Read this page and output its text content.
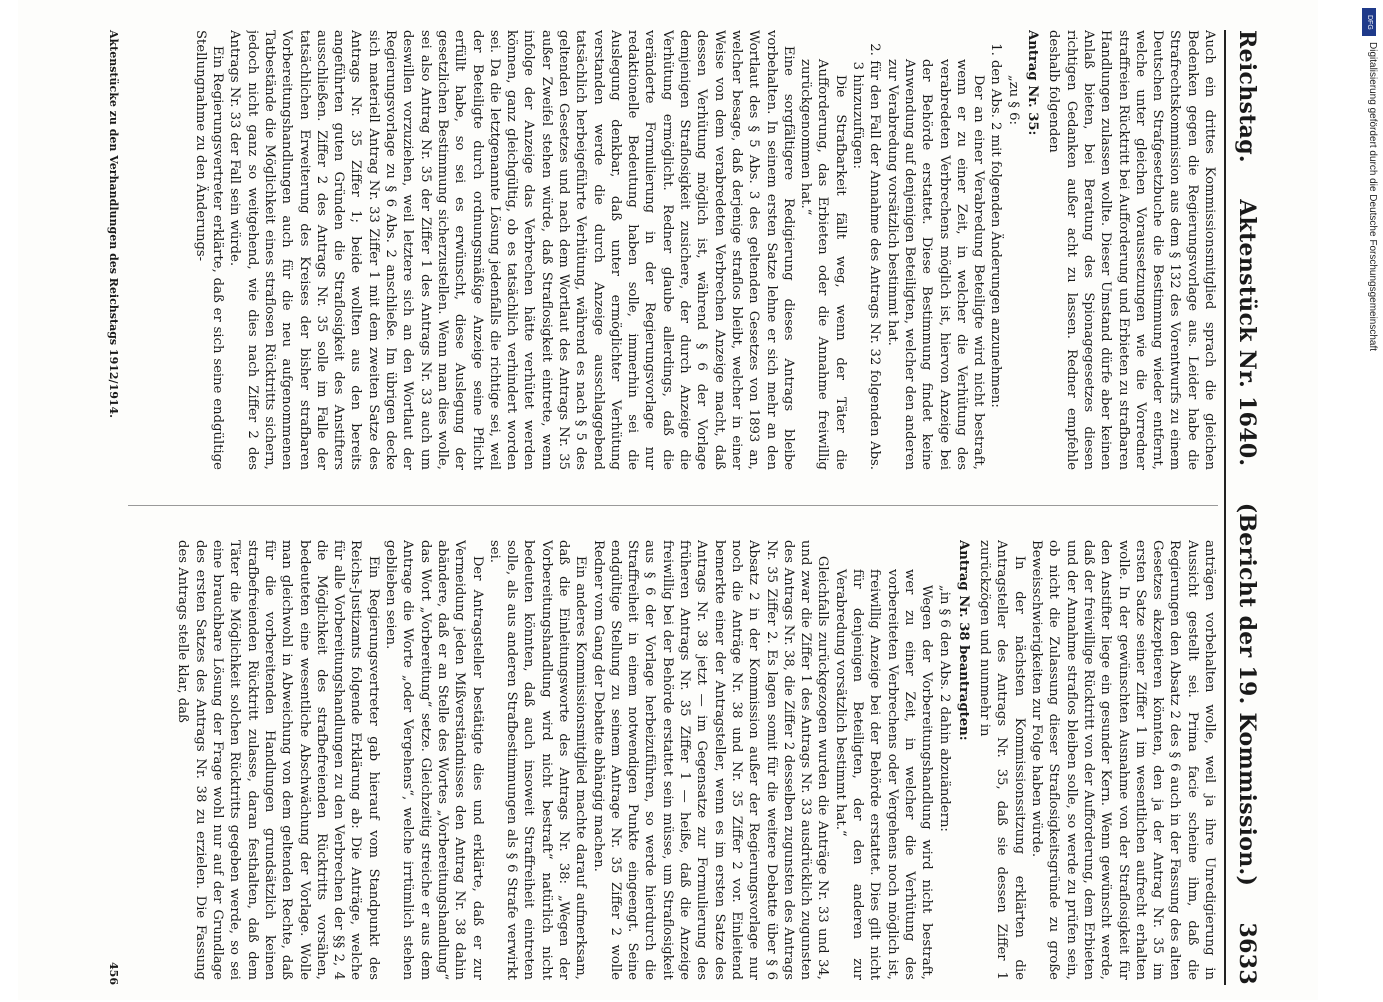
Reichstag.
Aktenstück Nr. 1640.
(Bericht der 19. Kommission.)
3633

Auch ein drittes Kommissionsmitglied sprach die gleichen Bedenken gegen die Regierungsvorlage aus. Leider habe die Strafrechtskommission aus dem § 132 des Vorentwurfs zu einem Deutschen Strafgesetzbuche die Bestimmung wieder entfernt, welche unter gleichen Voraussetzungen wie die Vorredner straffreien Rücktritt bei Aufforderung und Erbieten zu strafbaren Handlungen zulassen wollte. Dieser Umstand dürfe aber keinen Anlaß bieten, bei Beratung des Spionagegesetzes diesen richtigen Gedanken außer acht zu lassen. Redner empfehle deshalb folgenden

Antrag Nr. 35:

„zu § 6:

1. den Abs. 2 mit folgenden Änderungen anzunehmen:

Der an einer Verabredung Beteiligte wird nicht bestraft, wenn er zu einer Zeit, in welcher die Verhütung des verabredeten Verbrechens möglich ist, hiervon Anzeige bei der Behörde erstattet. Diese Bestimmung findet keine Anwendung auf denjenigen Beteiligten, welcher den anderen zur Verabredung vorsätzlich bestimmt hat.

2. für den Fall der Annahme des Antrags Nr. 32 folgenden Abs. 3 hinzuzufügen:

Die Strafbarkeit fällt weg, wenn der Täter die Aufforderung, das Erbieten oder die Annahme freiwillig zurückgenommen hat.“

Eine sorgfältigere Redigierung dieses Antrags bleibe vorbehalten. In seinem ersten Satze lehne er sich mehr an den Wortlaut des § 5 Abs. 3 des geltenden Gesetzes von 1893 an, welcher besage, daß derjenige straflos bleibt, welcher in einer Weise von dem verabredeten Verbrechen Anzeige macht, daß dessen Verhütung möglich ist, während § 6 der Vorlage demjenigen Straflosigkeit zusichere, der durch Anzeige die Verhütung ermöglicht. Redner glaube allerdings, daß die veränderte Formulierung in der Regierungsvorlage nur redaktionelle Bedeutung haben solle, immerhin sei die Auslegung denkbar, daß unter ermöglichter Verhütung verstanden werde die durch Anzeige ausschlaggebend tatsächlich herbeigeführte Verhütung, während es nach § 5 des geltenden Gesetzes und nach dem Wortlaut des Antrags Nr. 35 außer Zweifel stehen würde, daß Straflosigkeit eintrete, wenn infolge der Anzeige das Verbrechen hätte verhütet werden können, ganz gleichgültig, ob es tatsächlich verhindert worden sei. Da die letztgenannte Lösung jedenfalls die richtige sei, weil der Beteiligte durch ordnungsmäßige Anzeige seine Pflicht erfüllt habe, so sei es erwünscht, diese Auslegung der gesetzlichen Bestimmung sicherzustellen. Wenn man dies wolle, sei also Antrag Nr. 35 der Ziffer 1 des Antrags Nr. 33 auch um deswillen vorzuziehen, weil letztere sich an den Wortlaut der Regierungsvorlage zu § 6 Abs. 2 anschließe. Im übrigen decke sich materiell Antrag Nr. 33 Ziffer 1 mit dem zweiten Satze des Antrags Nr. 35 Ziffer 1; beide wollten aus den bereits angeführten guten Gründen die Straflosigkeit des Anstifters ausschließen. Ziffer 2 des Antrags Nr. 35 solle im Falle der tatsächlichen Erweiterung des Kreises der bisher strafbaren Vorbereitungshandlungen auch für die neu aufgenommenen Tatbestände die Möglichkeit eines straflosen Rücktritts sichern, jedoch nicht ganz so weitgehend, wie dies nach Ziffer 2 des Antrags Nr. 33 der Fall sein würde.

Ein Regierungsvertreter erklärte, daß er sich seine endgültige Stellungnahme zu den Änderungs-

anträgen vorbehalten wolle, weil ja ihre Unredigierung in Aussicht gestellt sei. Prima facie scheine ihm, daß die Regierungen den Absatz 2 des § 6 auch in der Fassung des alten Gesetzes akzeptieren könnten, den ja der Antrag Nr. 35 im ersten Satze seiner Ziffer 1 im wesentlichen aufrecht erhalten wolle. In der gewünschten Ausnahme von der Straflosigkeit für den Anstifter liege ein gesunder Kern. Wenn gewünscht werde, daß der freiwillige Rücktritt von der Aufforderung, dem Erbieten und der Annahme straflos bleiben solle, so werde zu prüfen sein, ob nicht die Zulassung dieser Straflosigkeitsgründe zu große Beweisschwierigkeiten zur Folge haben würde.

In der nächsten Kommissionssitzung erklärten die Antragsteller des Antrags Nr. 35, daß sie dessen Ziffer 1 zurückzögen und nunmehr in

Antrag Nr. 38 beantragten:

„in § 6 den Abs. 2 dahin abzuändern:

Wegen der Vorbereitungshandlung wird nicht bestraft, wer zu einer Zeit, in welcher die Verhütung des vorbereiteten Verbrechens oder Vergehens noch möglich ist, freiwillig Anzeige bei der Behörde erstattet. Dies gilt nicht für denjenigen Beteiligten, der den anderen zur Verabredung vorsätzlich bestimmt hat.“

Gleichfalls zurückgezogen wurden die Anträge Nr. 33 und 34, und zwar die Ziffer 1 des Antrags Nr. 33 ausdrücklich zugunsten des Antrags Nr. 38, die Ziffer 2 desselben zugunsten des Antrags Nr. 35 Ziffer 2. Es lagen somit für die weitere Debatte über § 6 Absatz 2 in der Kommission außer der Regierungsvorlage nur noch die Anträge Nr. 38 und Nr. 35 Ziffer 2 vor. Einleitend bemerkte einer der Antragsteller, wenn es im ersten Satze des Antrags Nr. 38 jetzt — im Gegensatze zur Formulierung des früheren Antrags Nr. 35 Ziffer 1 — heiße, daß die Anzeige freiwillig bei der Behörde erstattet sein müsse, um Straflosigkeit aus § 6 der Vorlage herbeizuführen, so werde hierdurch die Straffreiheit in einem notwendigen Punkte eingeengt. Seine endgültige Stellung zu seinem Antrage Nr. 35 Ziffer 2 wolle Redner vom Gang der Debatte abhängig machen.

Ein anderes Kommissionsmitglied machte darauf aufmerksam, daß die Einleitungsworte des Antrags Nr. 38: „Wegen der Vorbereitungshandlung wird nicht bestraft“ natürlich nicht bedeuten könnten, daß auch insoweit Straffreiheit eintreten solle, als aus anderen Strafbestimmungen als § 6 Strafe verwirkt sei.

Der Antragsteller bestätigte dies und erklärte, daß er zur Vermeidung jeden Mißverständnisses den Antrag Nr. 38 dahin abändere, daß er an Stelle des Wortes „Vorbereitungshandlung“ das Wort „Vorbereitung“ setze. Gleichzeitig streiche er aus dem Antrage die Worte „oder Vergehens“, welche irrtümlich stehen geblieben seien.

Ein Regierungsvertreter gab hierauf vom Standpunkt des Reichs-Justizamts folgende Erklärung ab: Die Anträge, welche für alle Vorbereitungshandlungen zu den Verbrechen der §§ 2, 4 die Möglichkeit des strafbefreienden Rücktritts vorsähen, bedeuteten eine wesentliche Abschwächung der Vorlage. Wolle man gleichwohl in Abweichung von dem geltenden Rechte, daß für die vorbereitenden Handlungen grundsätzlich keinen strafbefreienden Rücktritt zulasse, daran festhalten, daß dem Täter die Möglichkeit solchen Rücktritts gegeben werde, so sei eine brauchbare Lösung der Frage wohl nur auf der Grundlage des ersten Satzes des Antrags Nr. 38 zu erzielen. Die Fassung des Antrags stelle klar, daß

Aktenstücke zu den Verhandlungen des Reichstags 1912/1914.
456
DFG
Digitalisierung gefördert durch die Deutsche Forschungsgemeinschaft
